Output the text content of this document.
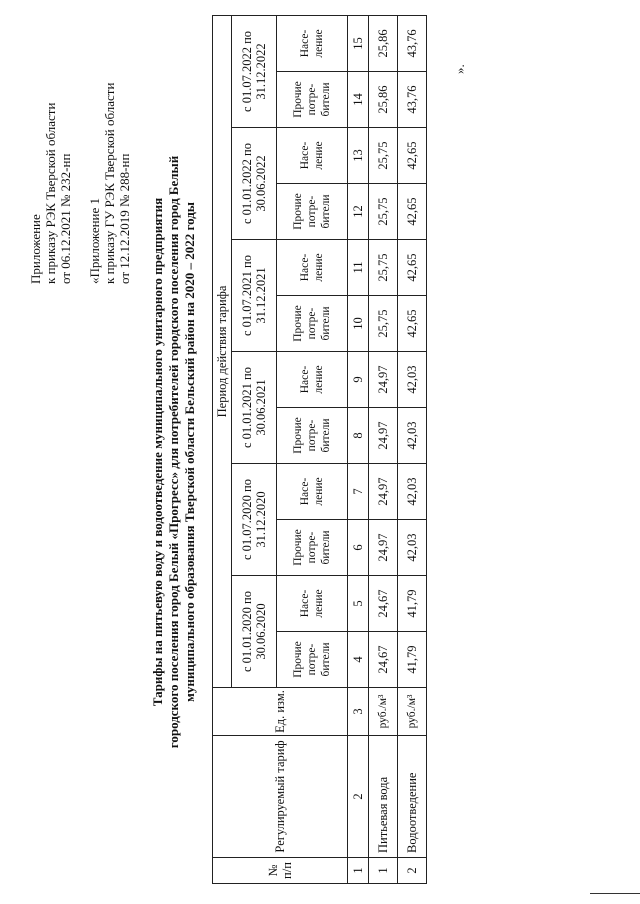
Приложение к приказу РЭК Тверской области от 06.12.2021 № 232-нп «Приложение 1 к приказу ГУ РЭК Тверской области от 12.12.2019 № 288-нп Тарифы на питьевую воду и водоотведение муниципального унитарного предприятия городского поселения город Белый «Прогресс» для потребителей городского поселения город Белый муниципального образования Тверской области Бельский район на 2020 – 2022 годы
№ п/п	Регулируемый тариф	Ед. изм.	Период действия тарифа											
			с 01.01.2020 по 30.06.2020		с 01.07.2020 по 31.12.2020		с 01.01.2021 по 30.06.2021		с 01.07.2021 по 31.12.2021		с 01.01.2022 по 30.06.2022		с 01.07.2022 по 31.12.2022	
			Прочие потре-бители	Насе-ление	Прочие потре-бители	Насе-ление	Прочие потре-бители	Насе-ление	Прочие потре-бители	Насе-ление	Прочие потре-бители	Насе-ление	Прочие потре-бители	Насе-ление
1	2	3	4	5	6	7	8	9	10	11	12	13	14	15
1	Питьевая вода	руб./м³	24,67	24,67	24,97	24,97	24,97	24,97	25,75	25,75	25,75	25,75	25,86	25,86
2	Водоотведение	руб./м³	41,79	41,79	42,03	42,03	42,03	42,03	42,65	42,65	42,65	42,65	43,76	43,76
».
